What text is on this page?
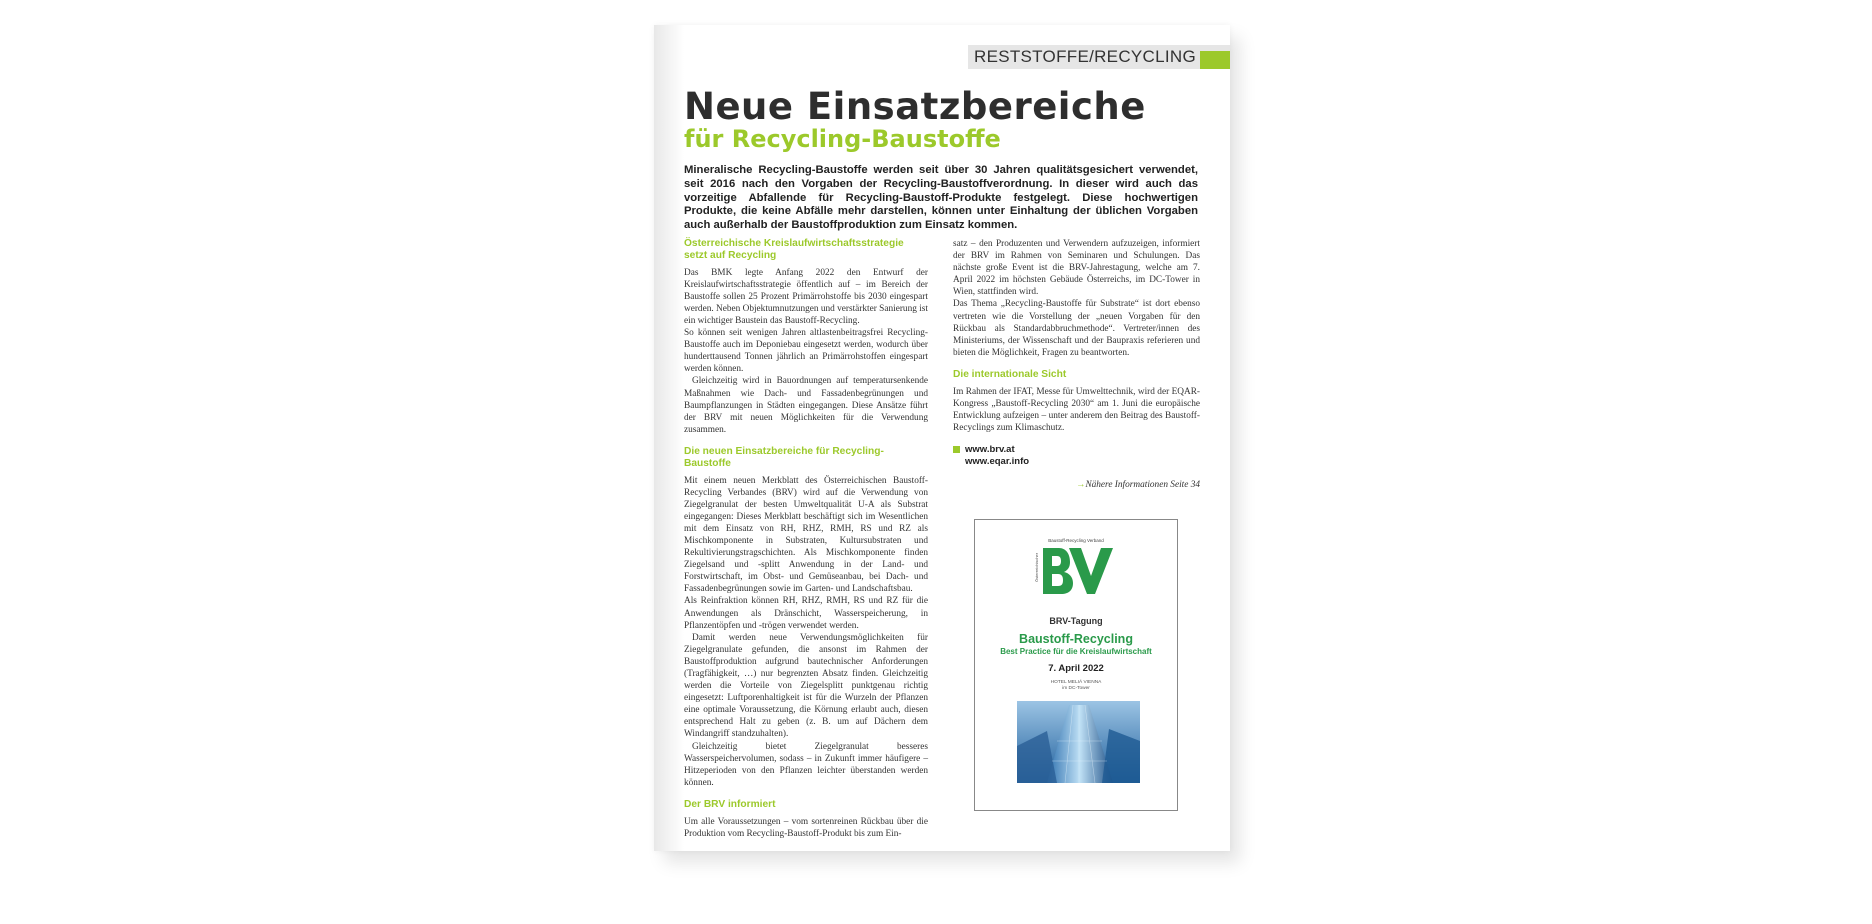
RESTSTOFFE/RECYCLING
Neue Einsatzbereiche
für Recycling-Baustoffe

Mineralische Recycling-Baustoffe werden seit über 30 Jahren qualitätsgesichert verwendet, seit 2016 nach den Vorgaben der Recycling-Baustoffverordnung. In dieser wird auch das vorzeitige Abfallende für Recycling-Baustoff-Produkte festgelegt. Diese hochwertigen Produkte, die keine Abfälle mehr darstellen, können unter Einhaltung der üblichen Vorgaben auch außerhalb der Baustoffproduktion zum Einsatz kommen.

Österreichische Kreislaufwirtschaftsstrategie setzt auf Recycling

Das BMK legte Anfang 2022 den Entwurf der Kreislaufwirtschaftsstrategie öffentlich auf – im Bereich der Baustoffe sollen 25 Prozent Primärrohstoffe bis 2030 eingespart werden. Neben Objektumnutzungen und verstärkter Sanierung ist ein wichtiger Baustein das Baustoff-Recycling.

So können seit wenigen Jahren altlastenbeitragsfrei Recycling-Baustoffe auch im Deponiebau eingesetzt werden, wodurch über hunderttausend Tonnen jährlich an Primärrohstoffen eingespart werden können.

Gleichzeitig wird in Bauordnungen auf temperatursenkende Maßnahmen wie Dach- und Fassadenbegrünungen und Baumpflanzungen in Städten eingegangen. Diese Ansätze führt der BRV mit neuen Möglichkeiten für die Verwendung zusammen.

Die neuen Einsatzbereiche für Recycling-Baustoffe

Mit einem neuen Merkblatt des Österreichischen Baustoff-Recycling Verbandes (BRV) wird auf die Verwendung von Ziegelgranulat der besten Umweltqualität U-A als Substrat eingegangen: Dieses Merkblatt beschäftigt sich im Wesentlichen mit dem Einsatz von RH, RHZ, RMH, RS und RZ als Mischkomponente in Substraten, Kultursubstraten und Rekultivierungstragschichten. Als Mischkomponente finden Ziegelsand und -splitt Anwendung in der Land- und Forstwirtschaft, im Obst- und Gemüseanbau, bei Dach- und Fassadenbegrünungen sowie im Garten- und Landschaftsbau.

Als Reinfraktion können RH, RHZ, RMH, RS und RZ für die Anwendungen als Dränschicht, Wasserspeicherung, in Pflanzentöpfen und -trögen verwendet werden.

Damit werden neue Verwendungsmöglichkeiten für Ziegelgranulate gefunden, die ansonst im Rahmen der Baustoffproduktion aufgrund bautechnischer Anforderungen (Tragfähigkeit, …) nur begrenzten Absatz finden. Gleichzeitig werden die Vorteile von Ziegelsplitt punktgenau richtig eingesetzt: Luftporenhaltigkeit ist für die Wurzeln der Pflanzen eine optimale Voraussetzung, die Körnung erlaubt auch, diesen entsprechend Halt zu geben (z. B. um auf Dächern dem Windangriff standzuhalten).

Gleichzeitig bietet Ziegelgranulat besseres Wasserspeichervolumen, sodass – in Zukunft immer häufigere – Hitzeperioden von den Pflanzen leichter überstanden werden können.

Der BRV informiert

Um alle Voraussetzungen – vom sortenreinen Rückbau über die Produktion vom Recycling-Baustoff-Produkt bis zum Ein-

satz – den Produzenten und Verwendern aufzuzeigen, informiert der BRV im Rahmen von Seminaren und Schulungen. Das nächste große Event ist die BRV-Jahrestagung, welche am 7. April 2022 im höchsten Gebäude Österreichs, im DC-Tower in Wien, stattfinden wird.

Das Thema „Recycling-Baustoffe für Substrate“ ist dort ebenso vertreten wie die Vorstellung der „neuen Vorgaben für den Rückbau als Standardabbruchmethode“. Vertreter/innen des Ministeriums, der Wissenschaft und der Baupraxis referieren und bieten die Möglichkeit, Fragen zu beantworten.

Die internationale Sicht

Im Rahmen der IFAT, Messe für Umwelttechnik, wird der EQAR-Kongress „Baustoff-Recycling 2030“ am 1. Juni die europäische Entwicklung aufzeigen – unter anderem den Beitrag des Baustoff-Recyclings zum Klimaschutz.

www.brv.at
www.eqar.info
→Nähere Informationen Seite 34
Baustoff-Recycling Verband
Österreichischer

BRV-Tagung

Baustoff-Recycling

Best Practice für die Kreislaufwirtschaft

7. April 2022

HOTEL MELIÁ VIENNA
im DC-Tower
